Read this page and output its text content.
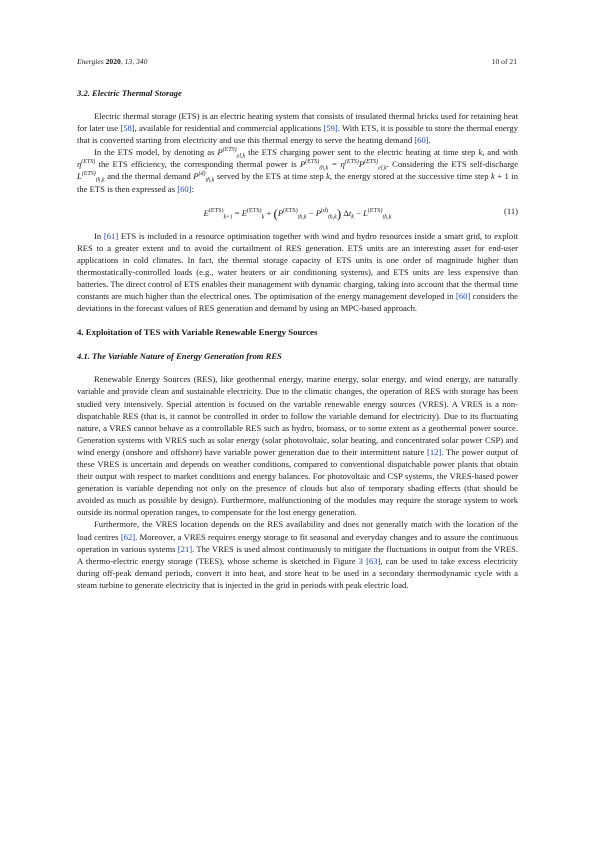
Energies 2020, 13, 340	10 of 21
3.2. Electric Thermal Storage

Electric thermal storage (ETS) is an electric heating system that consists of insulated thermal bricks used for retaining heat for later use [58], available for residential and commercial applications [59]. With ETS, it is possible to store the thermal energy that is converted starting from electricity and use this thermal energy to serve the heating demand [60].

In the ETS model, by denoting as $P^{(ETS)}_{el,k}$ the ETS charging power sent to the electric heating at time step k, and with $\eta^{(ETS)}$ the ETS efficiency, the corresponding thermal power is $P^{(ETS)}_{th,k} = \eta^{(ETS)}P^{(ETS)}_{el,k}$. Considering the ETS self-discharge $L^{(ETS)}_{th,k}$ and the thermal demand $P^{(d)}_{th,k}$ served by the ETS at time step k, the energy stored at the successive time step k + 1 in the ETS is then expressed as [60]:

$E^{(ETS)}_{k+1} = E^{(ETS)}_k + (P^{(ETS)}_{th,k} - P^{(d)}_{th,k}) \Delta t_k - L^{(ETS)}_{th,k}$
(11)

In [61] ETS is included in a resource optimisation together with wind and hydro resources inside a smart grid, to exploit RES to a greater extent and to avoid the curtailment of RES generation. ETS units are an interesting asset for end-user applications in cold climates. In fact, the thermal storage capacity of ETS units is one order of magnitude higher than thermostatically-controlled loads (e.g., water heaters or air conditioning systems), and ETS units are less expensive than batteries. The direct control of ETS enables their management with dynamic charging, taking into account that the thermal time constants are much higher than the electrical ones. The optimisation of the energy management developed in [60] considers the deviations in the forecast values of RES generation and demand by using an MPC-based approach.

4. Exploitation of TES with Variable Renewable Energy Sources
4.1. The Variable Nature of Energy Generation from RES

Renewable Energy Sources (RES), like geothermal energy, marine energy, solar energy, and wind energy, are naturally variable and provide clean and sustainable electricity. Due to the climatic changes, the operation of RES with storage has been studied very intensively. Special attention is focused on the variable renewable energy sources (VRES). A VRES is a non-dispatchable RES (that is, it cannot be controlled in order to follow the variable demand for electricity). Due to its fluctuating nature, a VRES cannot behave as a controllable RES such as hydro, biomass, or to some extent as a geothermal power source. Generation systems with VRES such as solar energy (solar photovoltaic, solar heating, and concentrated solar power CSP) and wind energy (onshore and offshore) have variable power generation due to their intermittent nature [12]. The power output of these VRES is uncertain and depends on weather conditions, compared to conventional dispatchable power plants that obtain their output with respect to market conditions and energy balances. For photovoltaic and CSP systems, the VRES-based power generation is variable depending not only on the presence of clouds but also of temporary shading effects (that should be avoided as much as possible by design). Furthermore, malfunctioning of the modules may require the storage system to work outside its normal operation ranges, to compensate for the lost energy generation.

Furthermore, the VRES location depends on the RES availability and does not generally match with the location of the load centres [62]. Moreover, a VRES requires energy storage to fit seasonal and everyday changes and to assure the continuous operation in various systems [21]. The VRES is used almost continuously to mitigate the fluctuations in output from the VRES. A thermo-electric energy storage (TEES), whose scheme is sketched in Figure 3 [63], can be used to take excess electricity during off-peak demand periods, convert it into heat, and store heat to be used in a secondary thermodynamic cycle with a steam turbine to generate electricity that is injected in the grid in periods with peak electric load.
